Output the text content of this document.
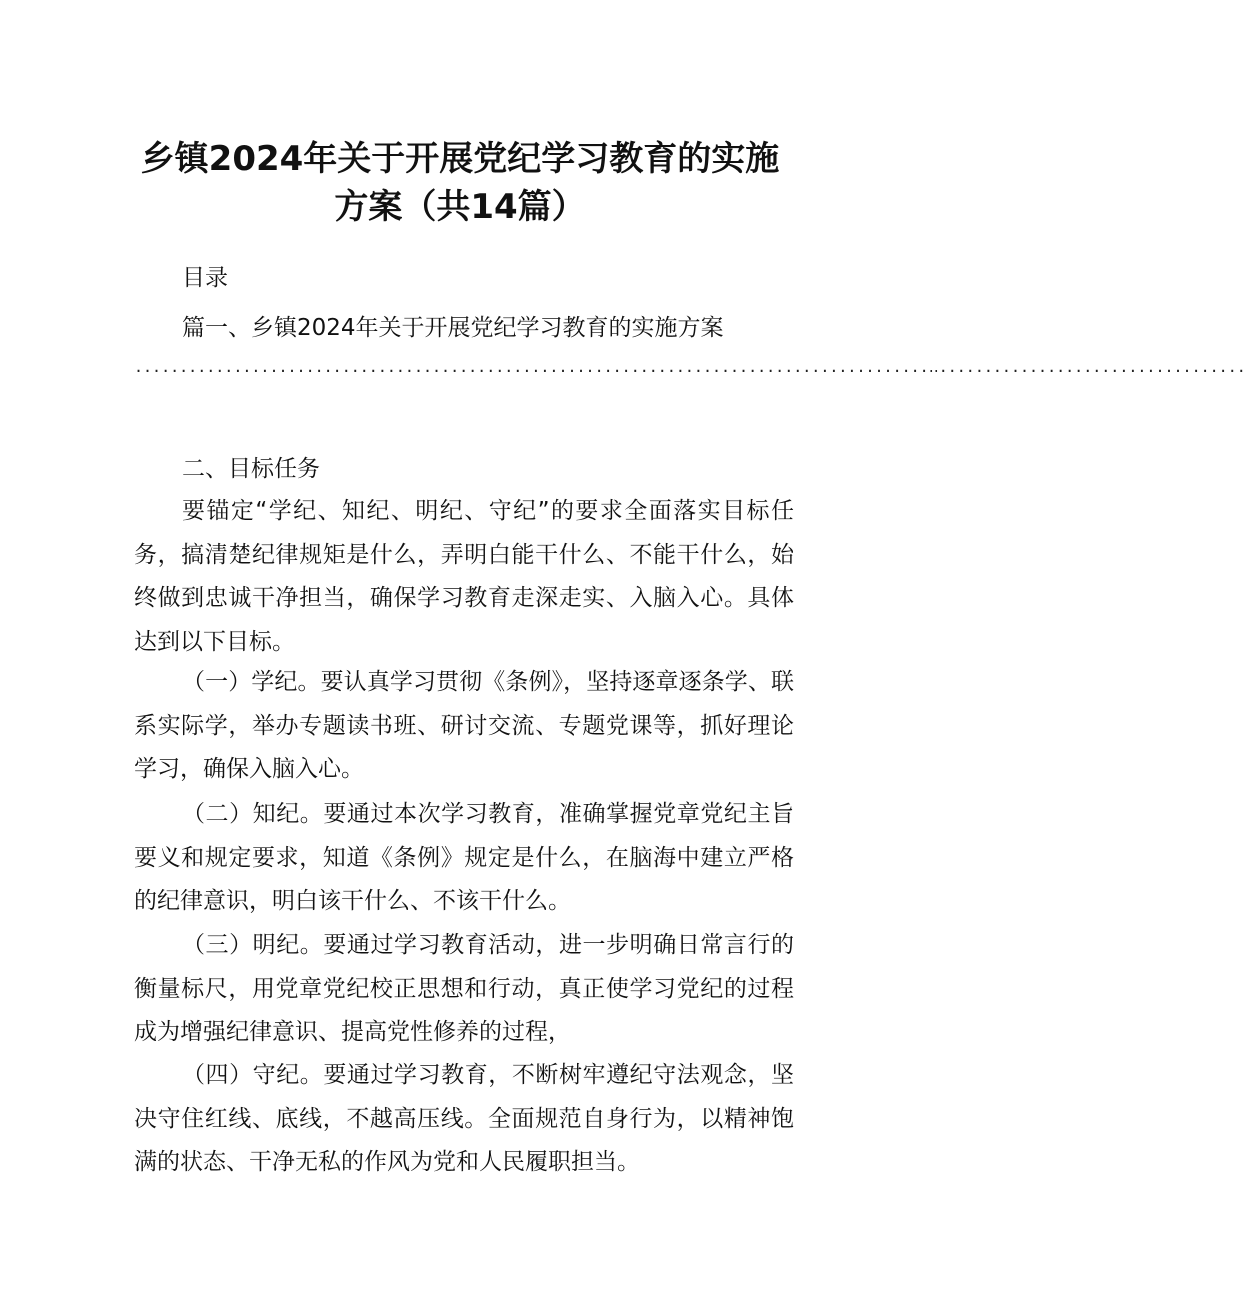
乡镇2024年关于开展党纪学习教育的实施
方案（共14篇）
目录
篇一、乡镇2024年关于开展党纪学习教育的实施方案
........................................................................................‥..................................
二、目标任务
要锚定“学纪、知纪、明纪、守纪”的要求全面落实目标任务，搞清楚纪律规矩是什么，弄明白能干什么、不能干什么，始终做到忠诚干净担当，确保学习教育走深走实、入脑入心。具体达到以下目标。
（一）学纪。要认真学习贯彻《条例》，坚持逐章逐条学、联系实际学，举办专题读书班、研讨交流、专题党课等，抓好理论学习，确保入脑入心。
（二）知纪。要通过本次学习教育，准确掌握党章党纪主旨要义和规定要求，知道《条例》规定是什么，在脑海中建立严格的纪律意识，明白该干什么、不该干什么。
（三）明纪。要通过学习教育活动，进一步明确日常言行的衡量标尺，用党章党纪校正思想和行动，真正使学习党纪的过程成为增强纪律意识、提高党性修养的过程，
（四）守纪。要通过学习教育，不断树牢遵纪守法观念，坚决守住红线、底线，不越高压线。全面规范自身行为，以精神饱满的状态、干净无私的作风为党和人民履职担当。
